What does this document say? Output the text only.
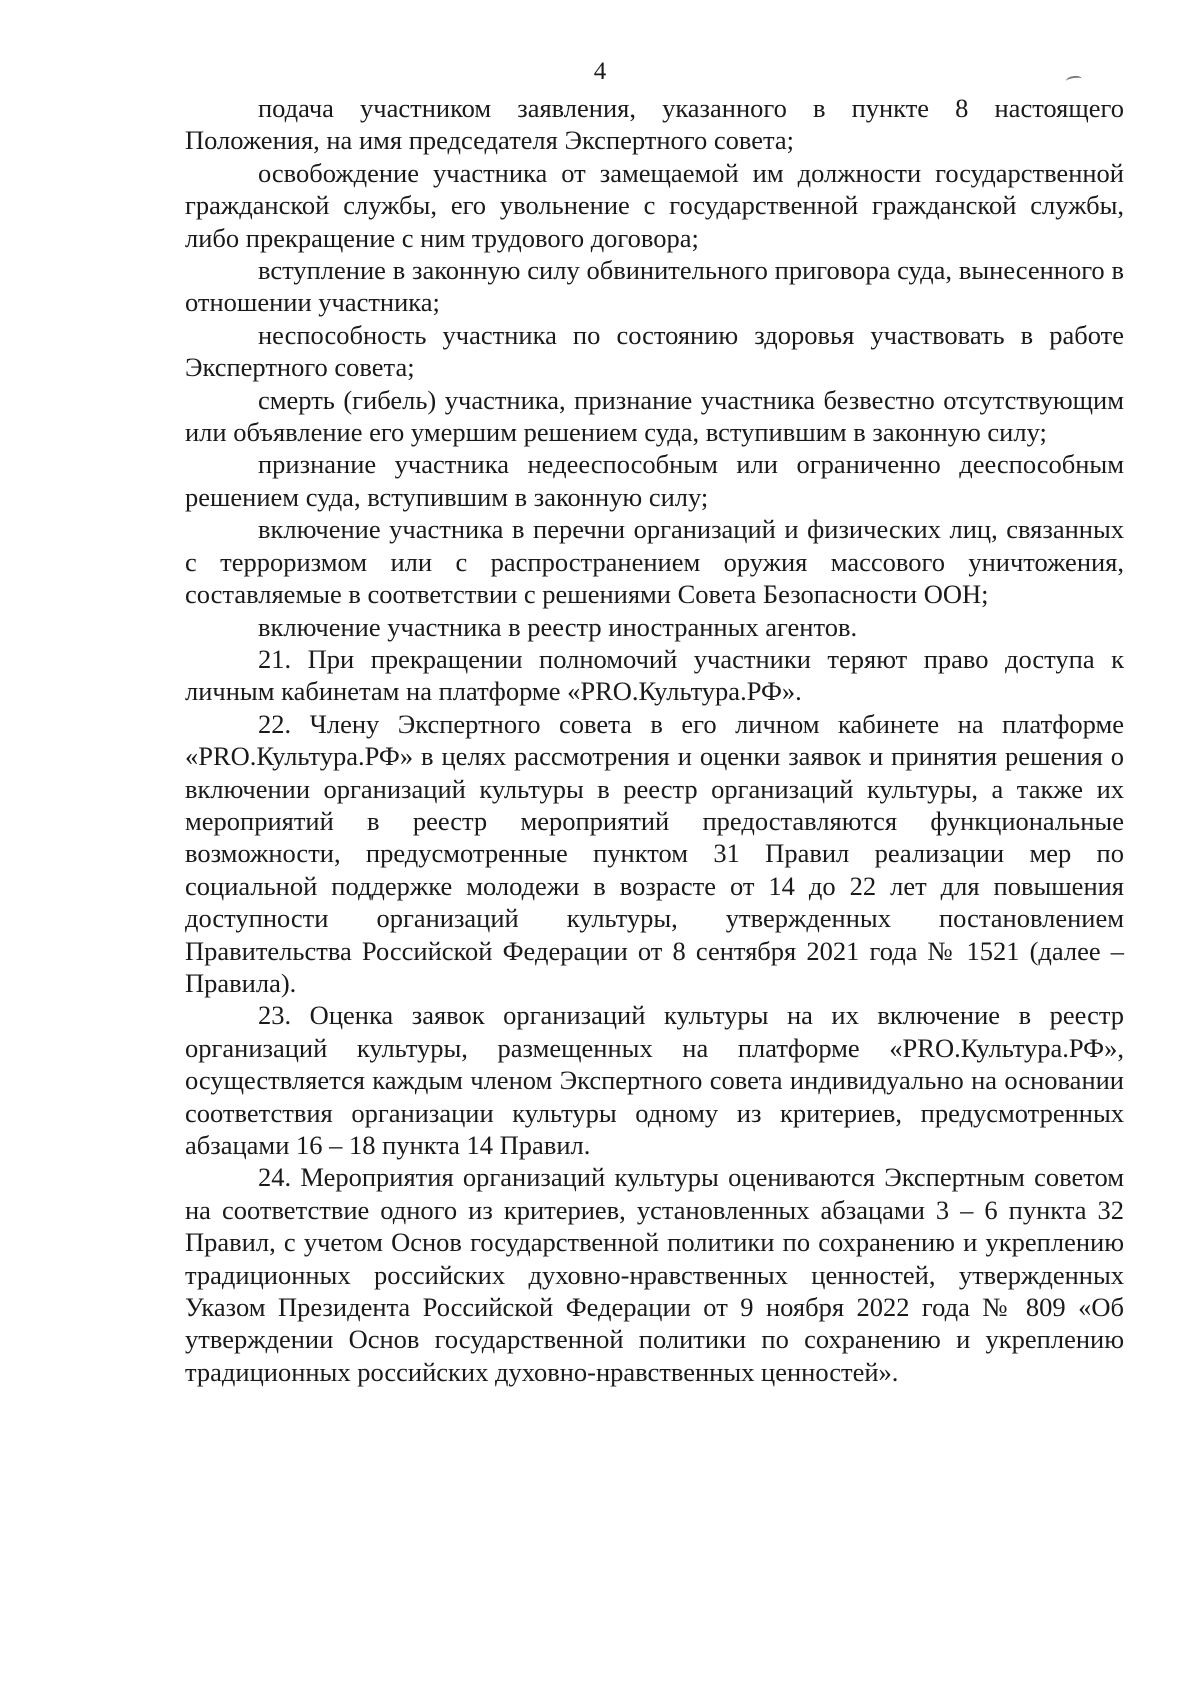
4

подача участником заявления, указанного в пункте 8 настоящего Положения, на имя председателя Экспертного совета;

освобождение участника от замещаемой им должности государственной гражданской службы, его увольнение с государственной гражданской службы, либо прекращение с ним трудового договора;

вступление в законную силу обвинительного приговора суда, вынесенного в отношении участника;

неспособность участника по состоянию здоровья участвовать в работе Экспертного совета;

смерть (гибель) участника, признание участника безвестно отсутствующим или объявление его умершим решением суда, вступившим в законную силу;

признание участника недееспособным или ограниченно дееспособным решением суда, вступившим в законную силу;

включение участника в перечни организаций и физических лиц, связанных с терроризмом или с распространением оружия массового уничтожения, составляемые в соответствии с решениями Совета Безопасности ООН;

включение участника в реестр иностранных агентов.

21. При прекращении полномочий участники теряют право доступа к личным кабинетам на платформе «PRO.Культура.РФ».

22. Члену Экспертного совета в его личном кабинете на платформе «PRO.Культура.РФ» в целях рассмотрения и оценки заявок и принятия решения о включении организаций культуры в реестр организаций культуры, а также их мероприятий в реестр мероприятий предоставляются функциональные возможности, предусмотренные пунктом 31 Правил реализации мер по социальной поддержке молодежи в возрасте от 14 до 22 лет для повышения доступности организаций культуры, утвержденных постановлением Правительства Российской Федерации от 8 сентября 2021 года № 1521 (далее – Правила).

23. Оценка заявок организаций культуры на их включение в реестр организаций культуры, размещенных на платформе «PRO.Культура.РФ», осуществляется каждым членом Экспертного совета индивидуально на основании соответствия организации культуры одному из критериев, предусмотренных абзацами 16 – 18 пункта 14 Правил.

24. Мероприятия организаций культуры оцениваются Экспертным советом на соответствие одного из критериев, установленных абзацами 3 – 6 пункта 32 Правил, с учетом Основ государственной политики по сохранению и укреплению традиционных российских духовно-нравственных ценностей, утвержденных Указом Президента Российской Федерации от 9 ноября 2022 года № 809 «Об утверждении Основ государственной политики по сохранению и укреплению традиционных российских духовно-нравственных ценностей».
